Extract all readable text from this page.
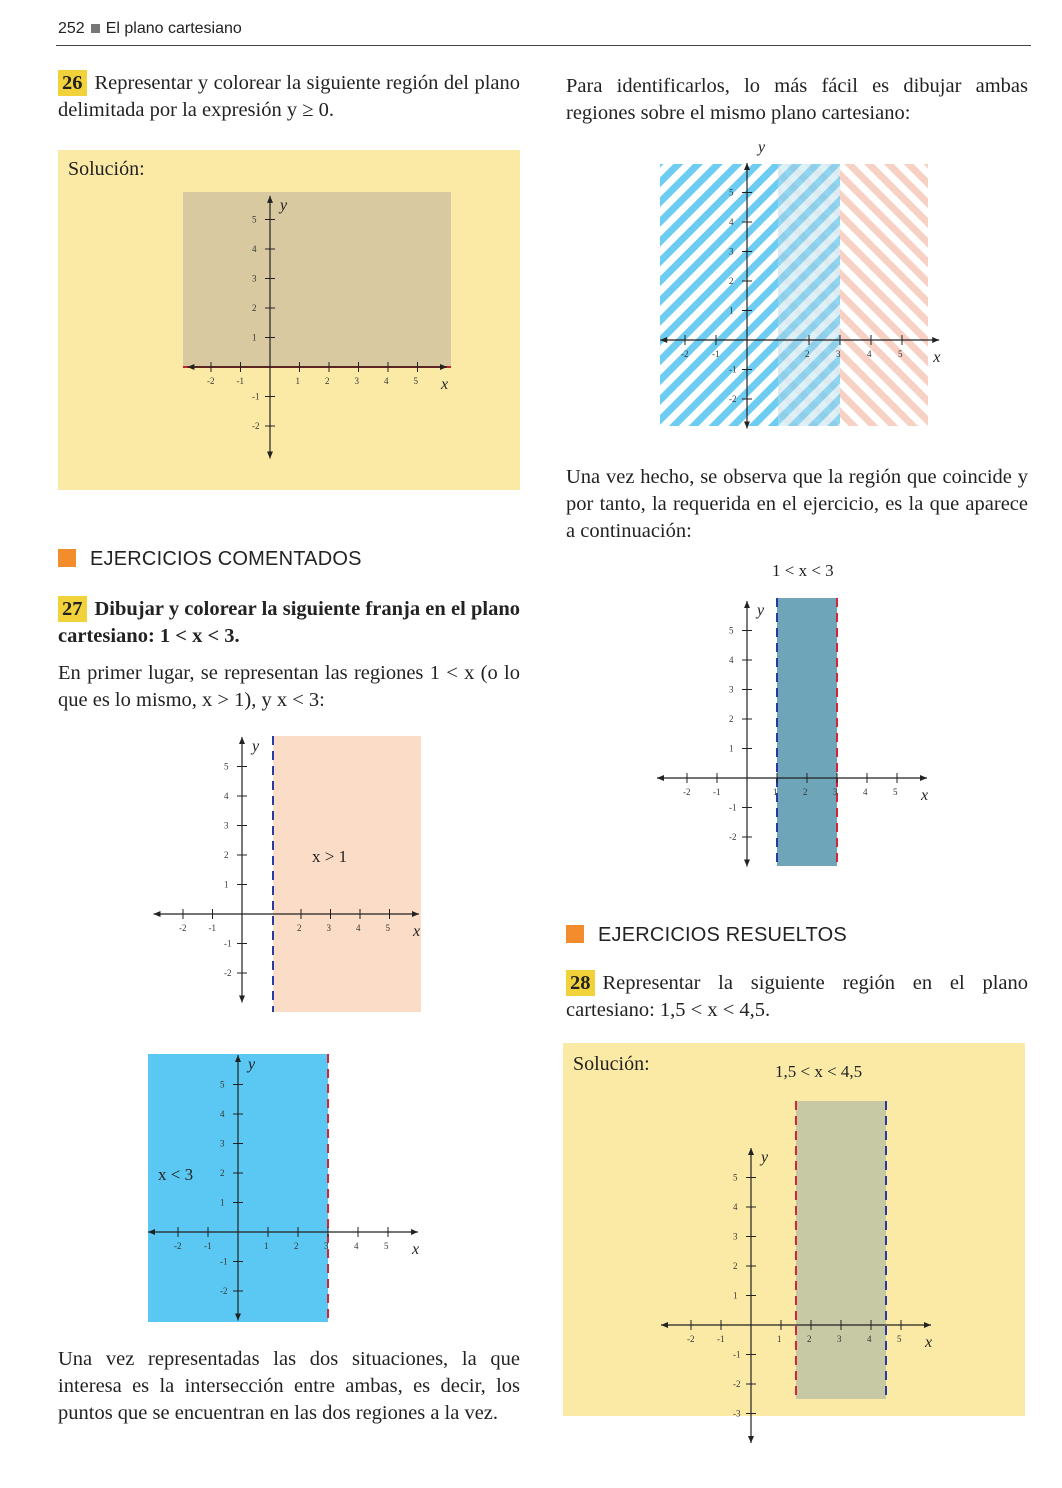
252 El plano cartesiano
26 Representar y colorear la siguiente región del plano delimitada por la expresión y ≥ 0.
Solución:
-2 -1	1	2	3	4	5
-2
-1
1
2
3
4
5
x
y
EJERCICIOS COMENTADOS
27 Dibujar y colorear la siguiente franja en el plano cartesiano: 1 < x < 3.
En primer lugar, se representan las regiones 1 < x (o lo que es lo mismo, x > 1), y x < 3:
-2 -1	2	3	4	5
-2
-1
1
2
3
4
5
x
y
x > 1
-2	-1	1	2	3	4	5
-2
-1
1
2
3
4
5
x
y
x < 3
Una vez representadas las dos situaciones, la que interesa es la intersección entre ambas, es decir, los puntos que se encuentran en las dos regiones a la vez.
Para identificarlos, lo más fácil es dibujar ambas regiones sobre el mismo plano cartesiano:
y
-2	-1	2	3	4	5
-2
-1
1
2
3
4
5
x
Una vez hecho, se observa que la región que coincide y por tanto, la requerida en el ejercicio, es la que aparece a continuación:
1 < x < 3
-2	-1	1	2	3	4	5
-2
-1
1
2
3
4
5
x
y
EJERCICIOS RESUELTOS
28 Representar la siguiente región en el plano cartesiano: 1,5 < x < 4,5.
Solución:	1,5 < x < 4,5
-2	-1	1	2	3	4	5
-3
-2
-1
1
2
3
4
5
x
y
